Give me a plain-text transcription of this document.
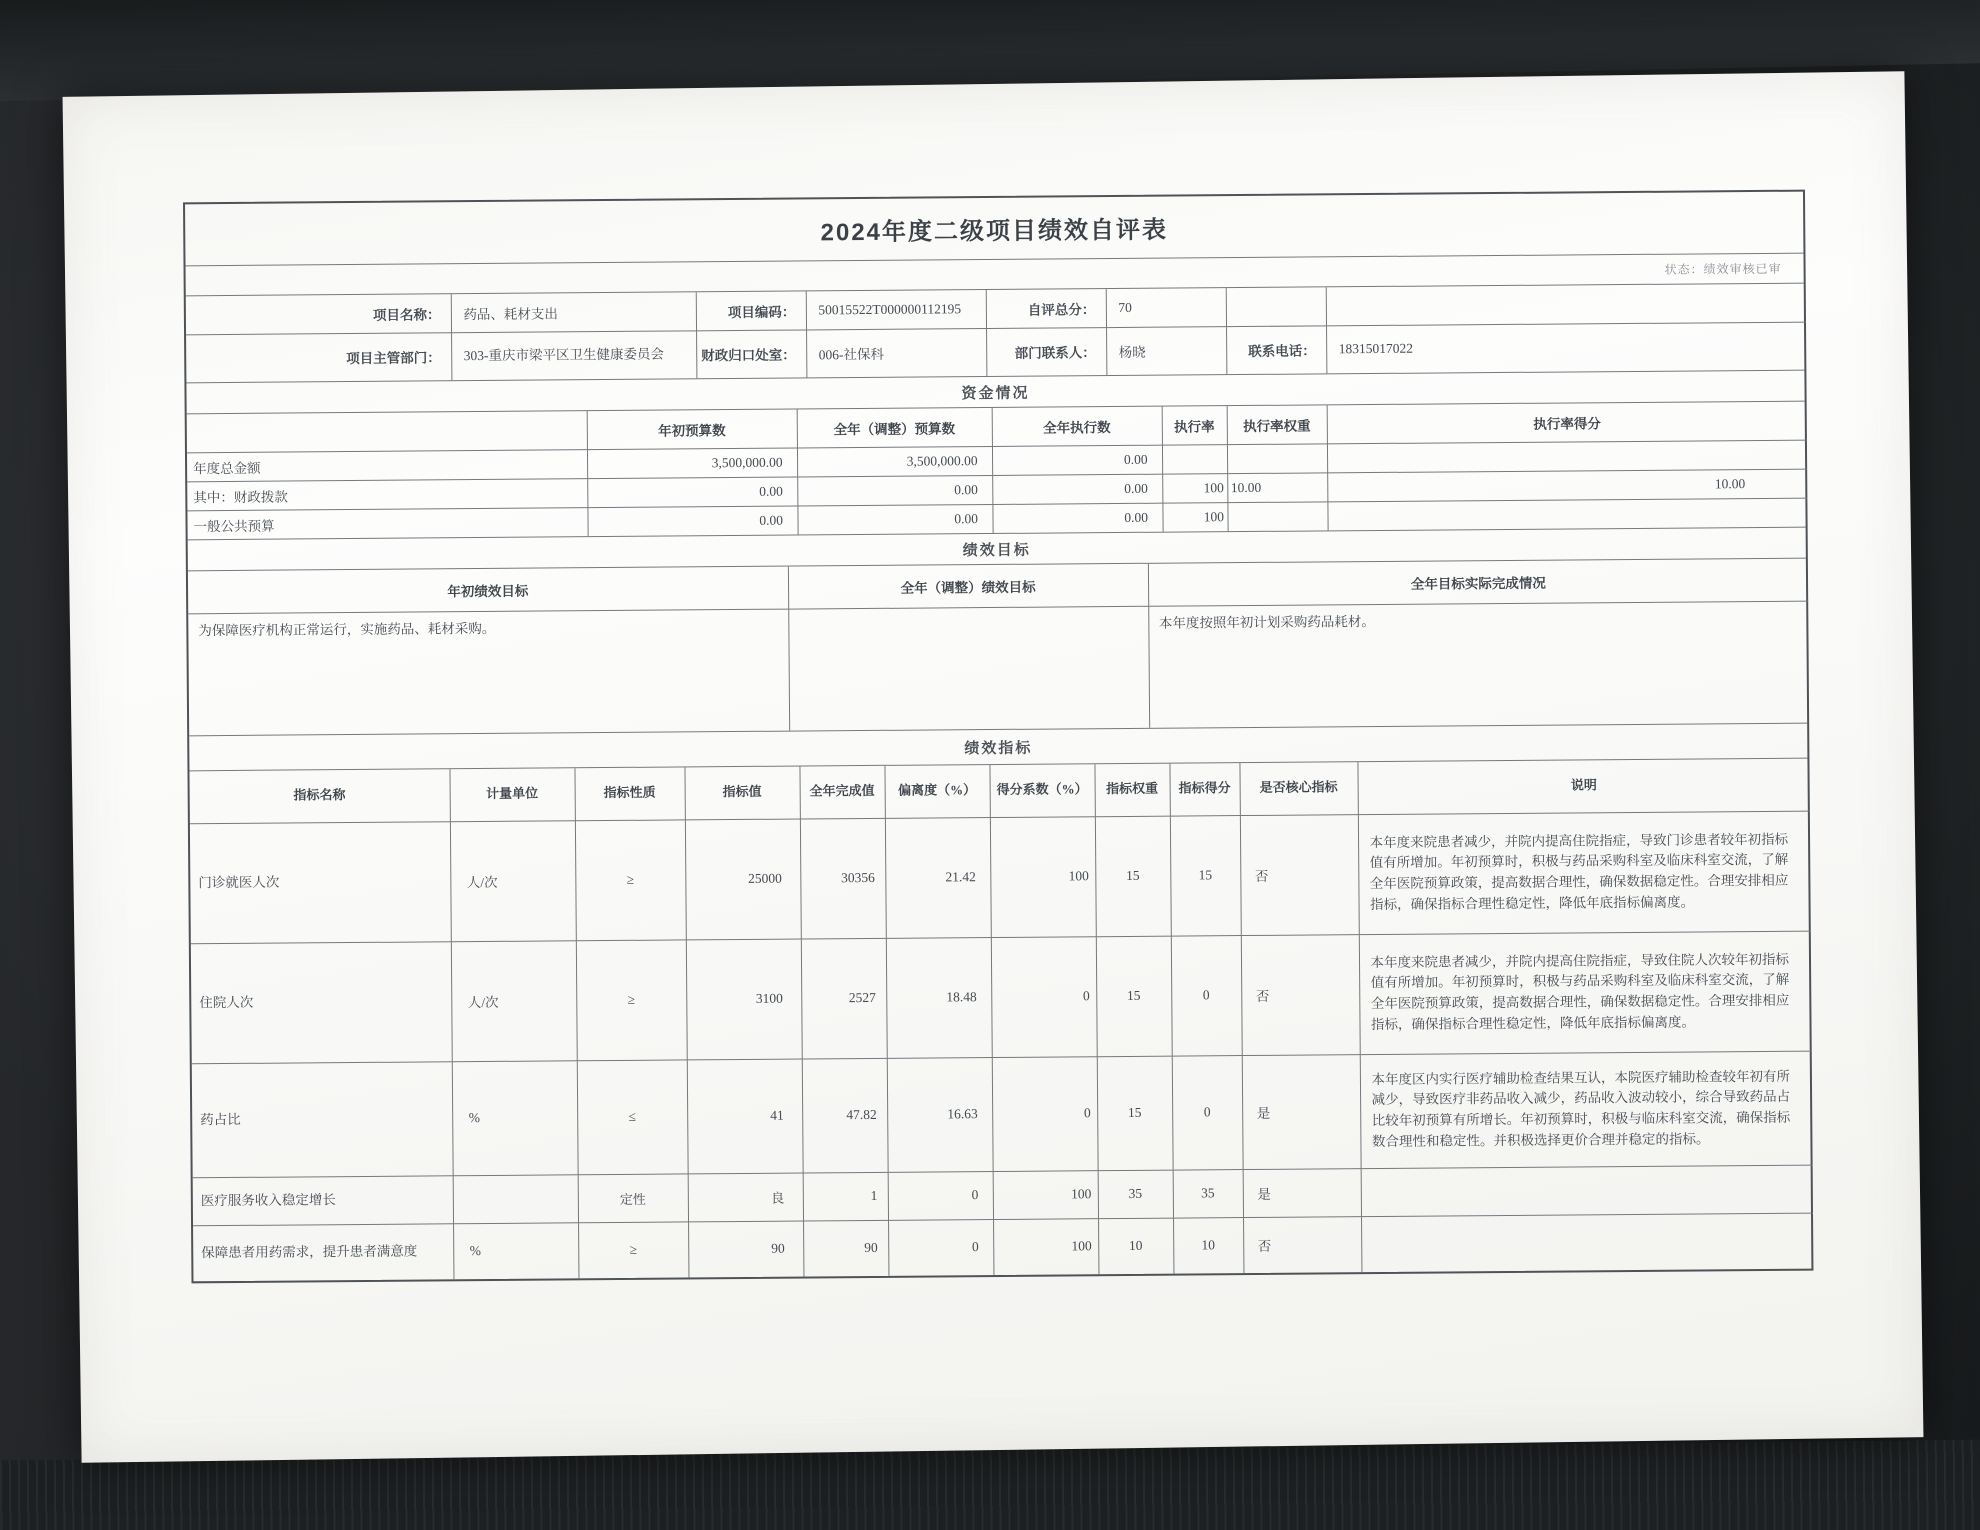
2024年度二级项目绩效自评表
状态：绩效审核已审
项目名称：	药品、耗材支出	项目编码：	50015522T000000112195	自评总分：	70		
项目主管部门：	303-重庆市梁平区卫生健康委员会	财政归口处室：	006-社保科	部门联系人：	杨晓	联系电话：	18315017022
资金情况
	年初预算数	全年（调整）预算数	全年执行数	执行率	执行率权重	执行率得分
年度总金额	3,500,000.00	3,500,000.00	0.00			
其中：财政拨款	0.00	0.00	0.00	100	10.00	10.00
一般公共预算	0.00	0.00	0.00	100		
绩效目标
年初绩效目标	全年（调整）绩效目标	全年目标实际完成情况
为保障医疗机构正常运行，实施药品、耗材采购。		本年度按照年初计划采购药品耗材。
绩效指标
指标名称	计量单位	指标性质	指标值	全年完成值	偏离度（%）	得分系数（%）	指标权重	指标得分	是否核心指标	说明
门诊就医人次	人/次	≥	25000	30356	21.42	100	15	15	否	本年度来院患者减少，并院内提高住院指症，导致门诊患者较年初指标值有所增加。年初预算时，积极与药品采购科室及临床科室交流，了解全年医院预算政策，提高数据合理性，确保数据稳定性。合理安排相应指标，确保指标合理性稳定性，降低年底指标偏离度。
住院人次	人/次	≥	3100	2527	18.48	0	15	0	否	本年度来院患者减少，并院内提高住院指症，导致住院人次较年初指标值有所增加。年初预算时，积极与药品采购科室及临床科室交流，了解全年医院预算政策，提高数据合理性，确保数据稳定性。合理安排相应指标，确保指标合理性稳定性，降低年底指标偏离度。
药占比	%	≤	41	47.82	16.63	0	15	0	是	本年度区内实行医疗辅助检查结果互认，本院医疗辅助检查较年初有所减少，导致医疗非药品收入减少，药品收入波动较小，综合导致药品占比较年初预算有所增长。年初预算时，积极与临床科室交流，确保指标数合理性和稳定性。并积极选择更价合理并稳定的指标。
医疗服务收入稳定增长		定性	良	1	0	100	35	35	是	
保障患者用药需求，提升患者满意度	%	≥	90	90	0	100	10	10	否	
